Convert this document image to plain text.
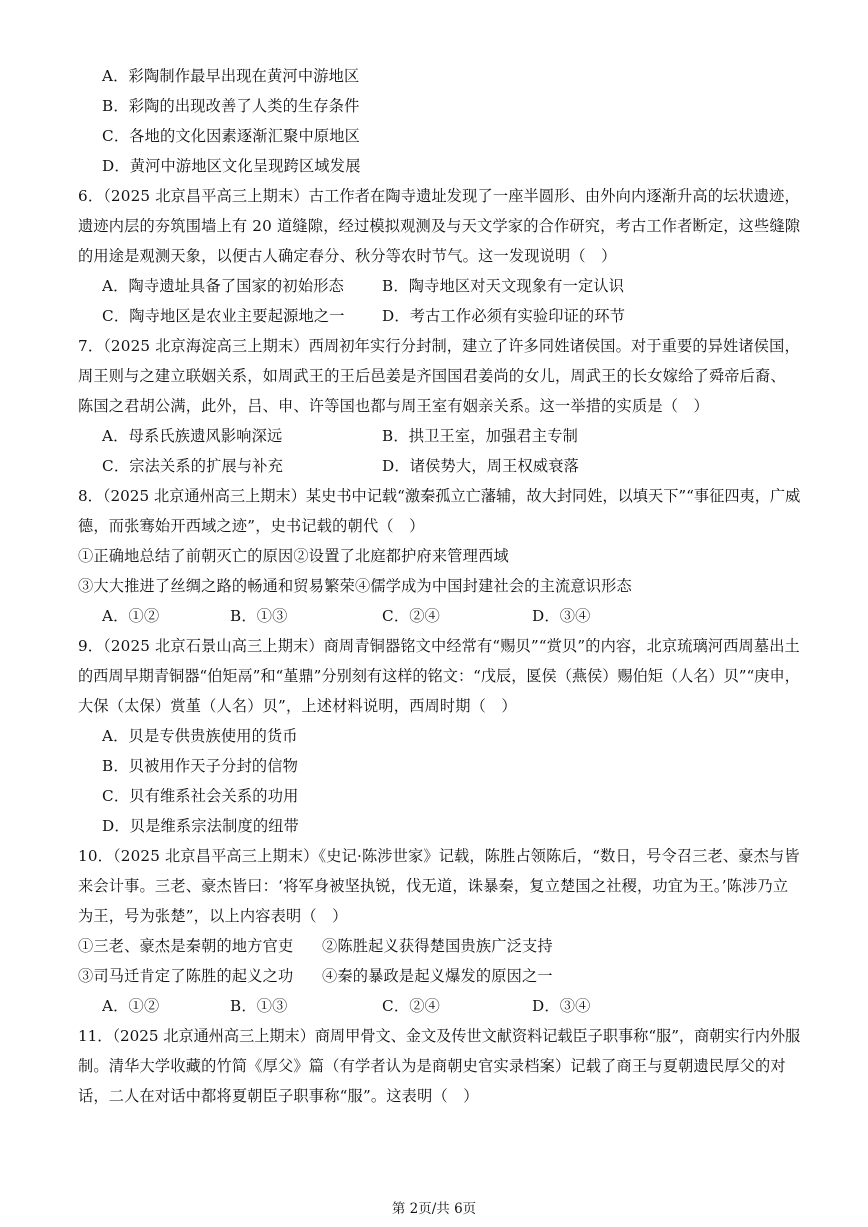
A．彩陶制作最早出现在黄河中游地区
B．彩陶的出现改善了人类的生存条件
C．各地的文化因素逐渐汇聚中原地区
D．黄河中游地区文化呈现跨区域发展
6．（2025 北京昌平高三上期末）古工作者在陶寺遗址发现了一座半圆形、由外向内逐渐升高的坛状遗迹，
遗迹内层的夯筑围墙上有 20 道缝隙，经过模拟观测及与天文学家的合作研究，考古工作者断定，这些缝隙
的用途是观测天象，以便古人确定春分、秋分等农时节气。这一发现说明（　）
A．陶寺遗址具备了国家的初始形态	B．陶寺地区对天文现象有一定认识
C．陶寺地区是农业主要起源地之一 D．考古工作必须有实验印证的环节
7．（2025 北京海淀高三上期末）西周初年实行分封制，建立了许多同姓诸侯国。对于重要的异姓诸侯国，
周王则与之建立联姻关系，如周武王的王后邑姜是齐国国君姜尚的女儿，周武王的长女嫁给了舜帝后裔、
陈国之君胡公满，此外，吕、申、许等国也都与周王室有姻亲关系。这一举措的实质是（　）
A．母系氏族遗风影响深远	B．拱卫王室，加强君主专制
C．宗法关系的扩展与补充	D．诸侯势大，周王权威衰落
8．（2025 北京通州高三上期末）某史书中记载“激秦孤立亡藩辅，故大封同姓，以填天下”“事征四夷，广威
德，而张骞始开西域之迹”，史书记载的朝代（　）
①正确地总结了前朝灭亡的原因②设置了北庭都护府来管理西域
③大大推进了丝绸之路的畅通和贸易繁荣④儒学成为中国封建社会的主流意识形态
A．①②	B．①③	C．②④	D．③④
9．（2025 北京石景山高三上期末）商周青铜器铭文中经常有“赐贝”“赏贝”的内容，北京琉璃河西周墓出土
的西周早期青铜器“伯矩鬲”和“堇鼎”分别刻有这样的铭文：“戊辰，匽侯（燕侯）赐伯矩（人名）贝”“庚申，
大保（太保）赏堇（人名）贝”，上述材料说明，西周时期（　）
A．贝是专供贵族使用的货币
B．贝被用作天子分封的信物
C．贝有维系社会关系的功用
D．贝是维系宗法制度的纽带
10．（2025 北京昌平高三上期末）《史记·陈涉世家》记载，陈胜占领陈后，“数日，号令召三老、豪杰与皆
来会计事。三老、豪杰皆曰：‘将军身被坚执锐，伐无道，诛暴秦，复立楚国之社稷，功宜为王。’陈涉乃立
为王，号为张楚”，以上内容表明（　）
①三老、豪杰是秦朝的地方官吏 ②陈胜起义获得楚国贵族广泛支持
③司马迁肯定了陈胜的起义之功 ④秦的暴政是起义爆发的原因之一
A．①②	B．①③	C．②④	D．③④
11．（2025 北京通州高三上期末）商周甲骨文、金文及传世文献资料记载臣子职事称“服”，商朝实行内外服
制。清华大学收藏的竹简《厚父》篇（有学者认为是商朝史官实录档案）记载了商王与夏朝遗民厚父的对
话，二人在对话中都将夏朝臣子职事称“服”。这表明（　）
第 2页/共 6页
